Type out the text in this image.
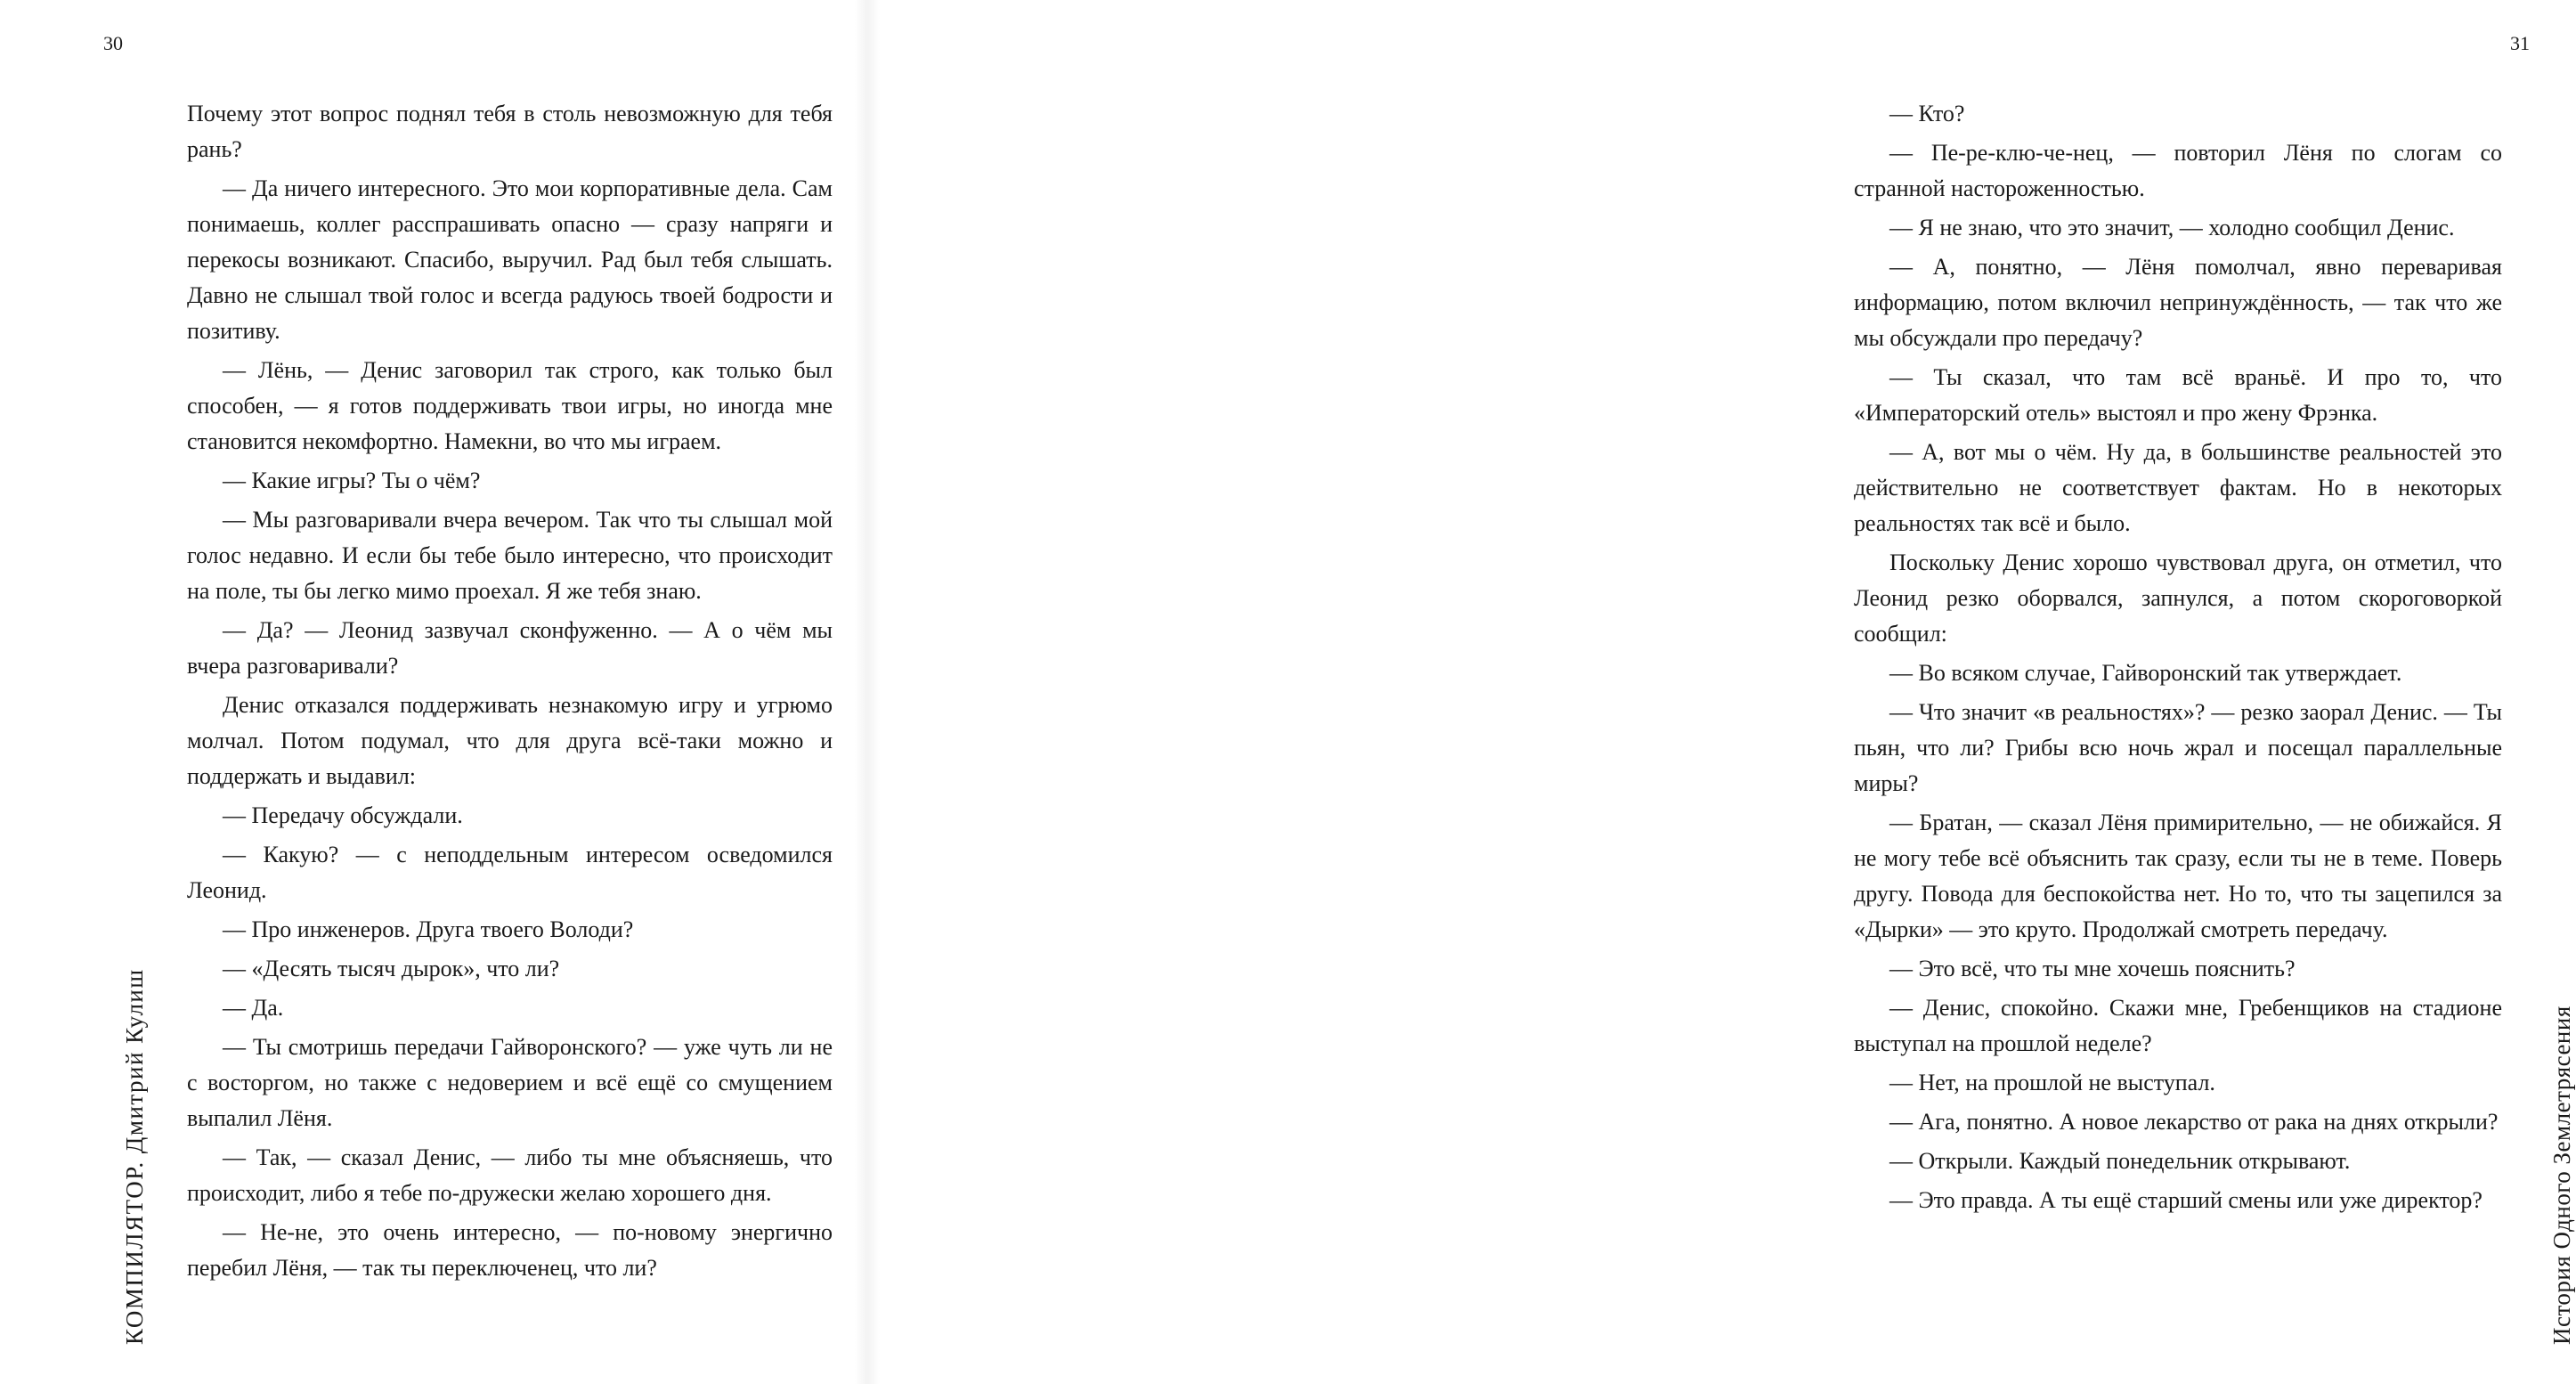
30

Почему этот вопрос поднял тебя в столь невозможную для тебя рань?

— Да ничего интересного. Это мои корпоративные дела. Сам понимаешь, коллег расспрашивать опасно — сразу напряги и перекосы возникают. Спасибо, выручил. Рад был тебя слышать. Давно не слышал твой голос и всегда радуюсь твоей бодрости и позитиву.

— Лёнь, — Денис заговорил так строго, как только был способен, — я готов поддерживать твои игры, но иногда мне становится некомфортно. Намекни, во что мы играем.

— Какие игры? Ты о чём?

— Мы разговаривали вчера вечером. Так что ты слышал мой голос недавно. И если бы тебе было интересно, что происходит на поле, ты бы легко мимо проехал. Я же тебя знаю.

— Да? — Леонид зазвучал сконфуженно. — А о чём мы вчера разговаривали?

Денис отказался поддерживать незнакомую игру и угрюмо молчал. Потом подумал, что для друга всё-таки можно и поддержать и выдавил:

— Передачу обсуждали.

— Какую? — с неподдельным интересом осведомился Леонид.

— Про инженеров. Друга твоего Володи?

— «Десять тысяч дырок», что ли?

— Да.

— Ты смотришь передачи Гайворонского? — уже чуть ли не с восторгом, но также с недоверием и всё ещё со смущением выпалил Лёня.

— Так, — сказал Денис, — либо ты мне объясняешь, что происходит, либо я тебе по-дружески желаю хорошего дня.

— Не-не, это очень интересно, — по-новому энергично перебил Лёня, — так ты переключенец, что ли?

КОМПИЛЯТОР. Дмитрий Кулиш
31

— Кто?

— Пе-ре-клю-че-нец, — повторил Лёня по слогам со странной настороженностью.

— Я не знаю, что это значит, — холодно сообщил Денис.

— А, понятно, — Лёня помолчал, явно переваривая информацию, потом включил непринуждённость, — так что же мы обсуждали про передачу?

— Ты сказал, что там всё враньё. И про то, что «Императорский отель» выстоял и про жену Фрэнка.

— А, вот мы о чём. Ну да, в большинстве реальностей это действительно не соответствует фактам. Но в некоторых реальностях так всё и было.

Поскольку Денис хорошо чувствовал друга, он отметил, что Леонид резко оборвался, запнулся, а потом скороговоркой сообщил:

— Во всяком случае, Гайворонский так утверждает.

— Что значит «в реальностях»? — резко заорал Денис. — Ты пьян, что ли? Грибы всю ночь жрал и посещал параллельные миры?

— Братан, — сказал Лёня примирительно, — не обижайся. Я не могу тебе всё объяснить так сразу, если ты не в теме. Поверь другу. Повода для беспокойства нет. Но то, что ты зацепился за «Дырки» — это круто. Продолжай смотреть передачу.

— Это всё, что ты мне хочешь пояснить?

— Денис, спокойно. Скажи мне, Гребенщиков на стадионе выступал на прошлой неделе?

— Нет, на прошлой не выступал.

— Ага, понятно. А новое лекарство от рака на днях открыли?

— Открыли. Каждый понедельник открывают.

— Это правда. А ты ещё старший смены или уже директор?	История Одного Землетрясения
